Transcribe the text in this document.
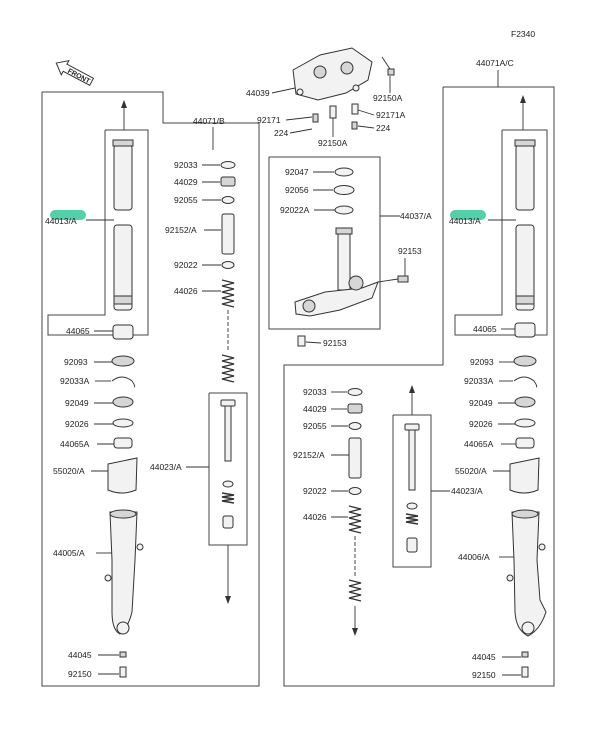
F2340
FRONT
44071/B
44013/A
44065
92093
92033A
92049
92026
44065A
55020/A
44005/A
44045
92150
92033
44029
92055
92152/A
92022
44026
44023/A
44039
92171
224
92150A
92150A
92171A
224
44037/A
92047
92056
92022A
92153
92153
44071A/C
44013/A
44065
92093
92033A
92049
92026
44065A
55020/A
44006/A
44045
92150
92033
44029
92055
92152/A
92022
44026
44023/A
